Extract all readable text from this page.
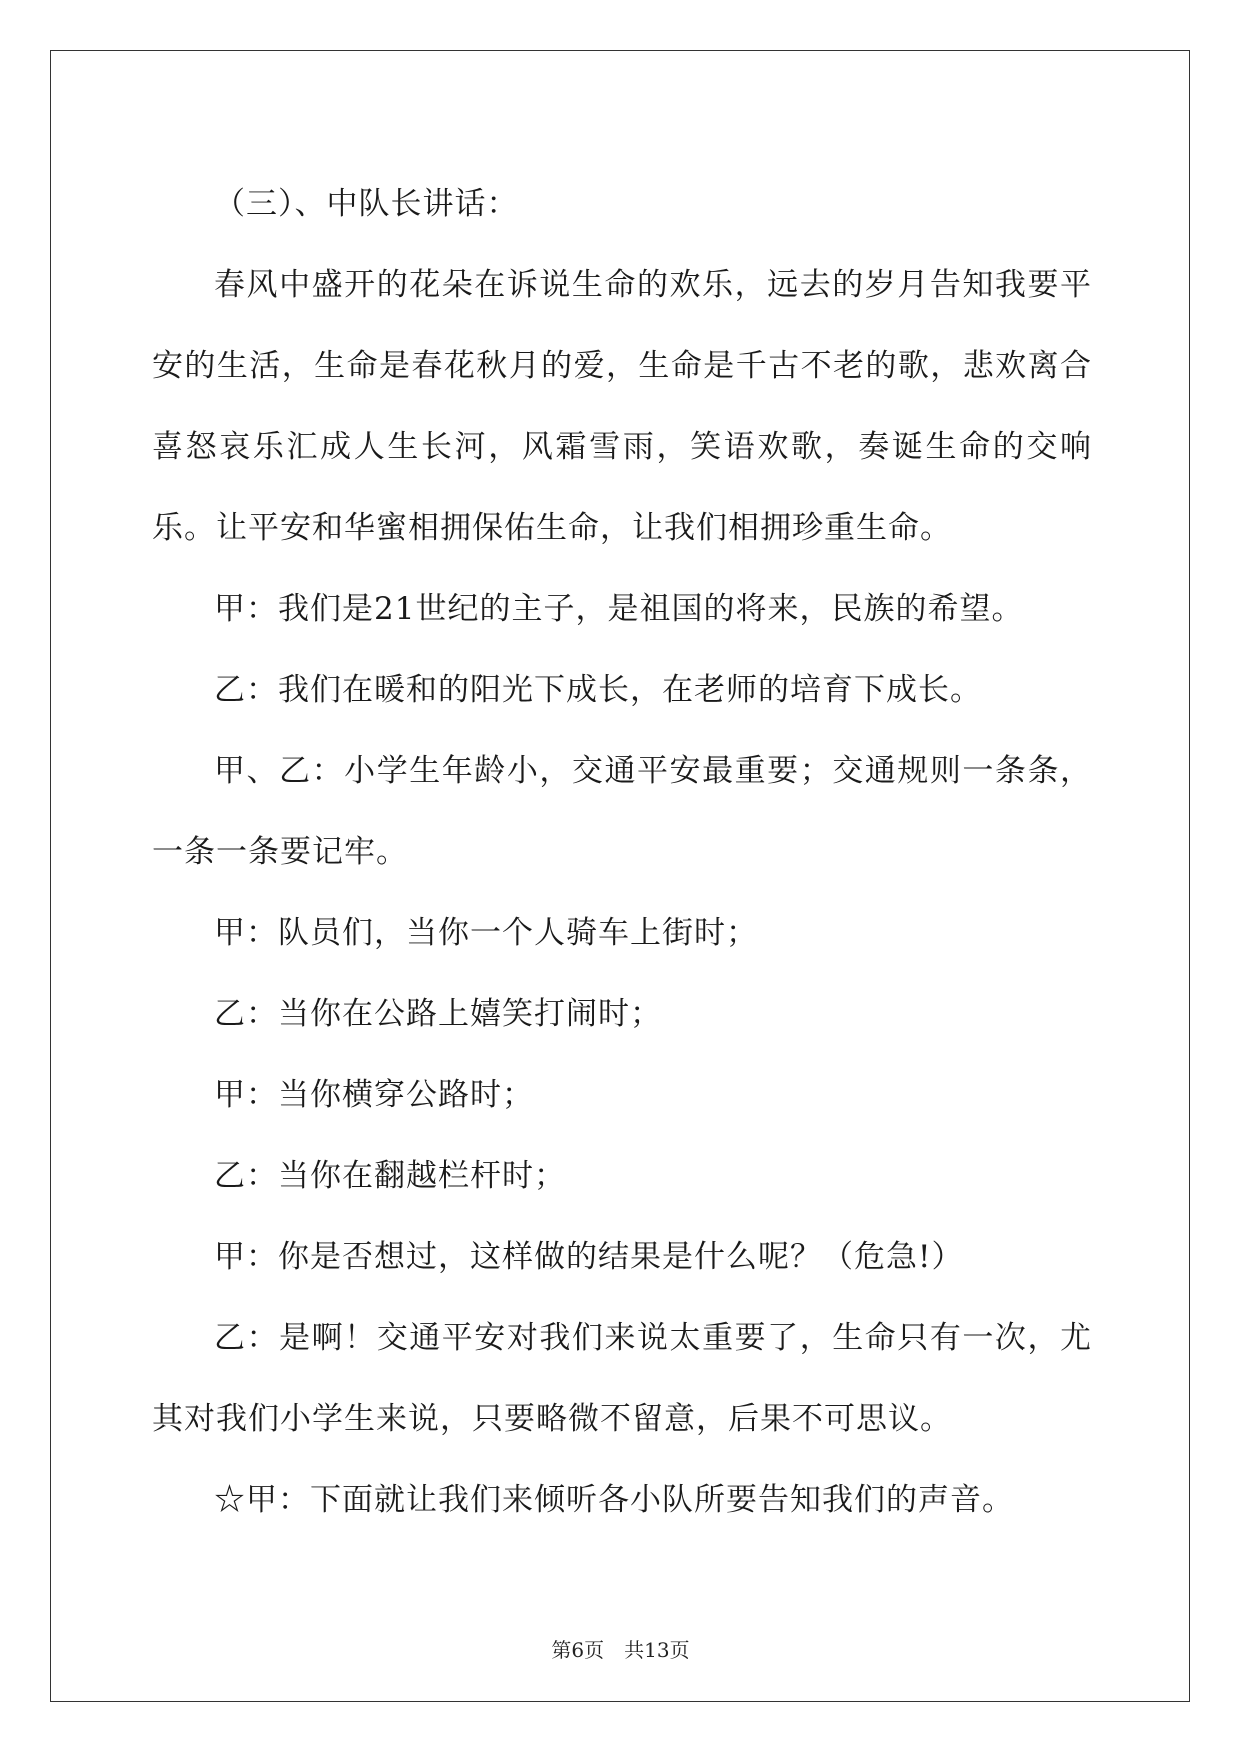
（三）、中队长讲话：

春风中盛开的花朵在诉说生命的欢乐，远去的岁月告知我要平安的生活，生命是春花秋月的爱，生命是千古不老的歌，悲欢离合喜怒哀乐汇成人生长河，风霜雪雨，笑语欢歌，奏诞生命的交响乐。让平安和华蜜相拥保佑生命，让我们相拥珍重生命。

甲：我们是21世纪的主子，是祖国的将来，民族的希望。

乙：我们在暖和的阳光下成长，在老师的培育下成长。

甲、乙：小学生年龄小，交通平安最重要；交通规则一条条，一条一条要记牢。

甲：队员们，当你一个人骑车上街时；

乙：当你在公路上嬉笑打闹时；

甲：当你横穿公路时；

乙：当你在翻越栏杆时；

甲：你是否想过，这样做的结果是什么呢？（危急!）

乙：是啊！交通平安对我们来说太重要了，生命只有一次，尤其对我们小学生来说，只要略微不留意，后果不可思议。

☆甲：下面就让我们来倾听各小队所要告知我们的声音。

第6页　共13页
